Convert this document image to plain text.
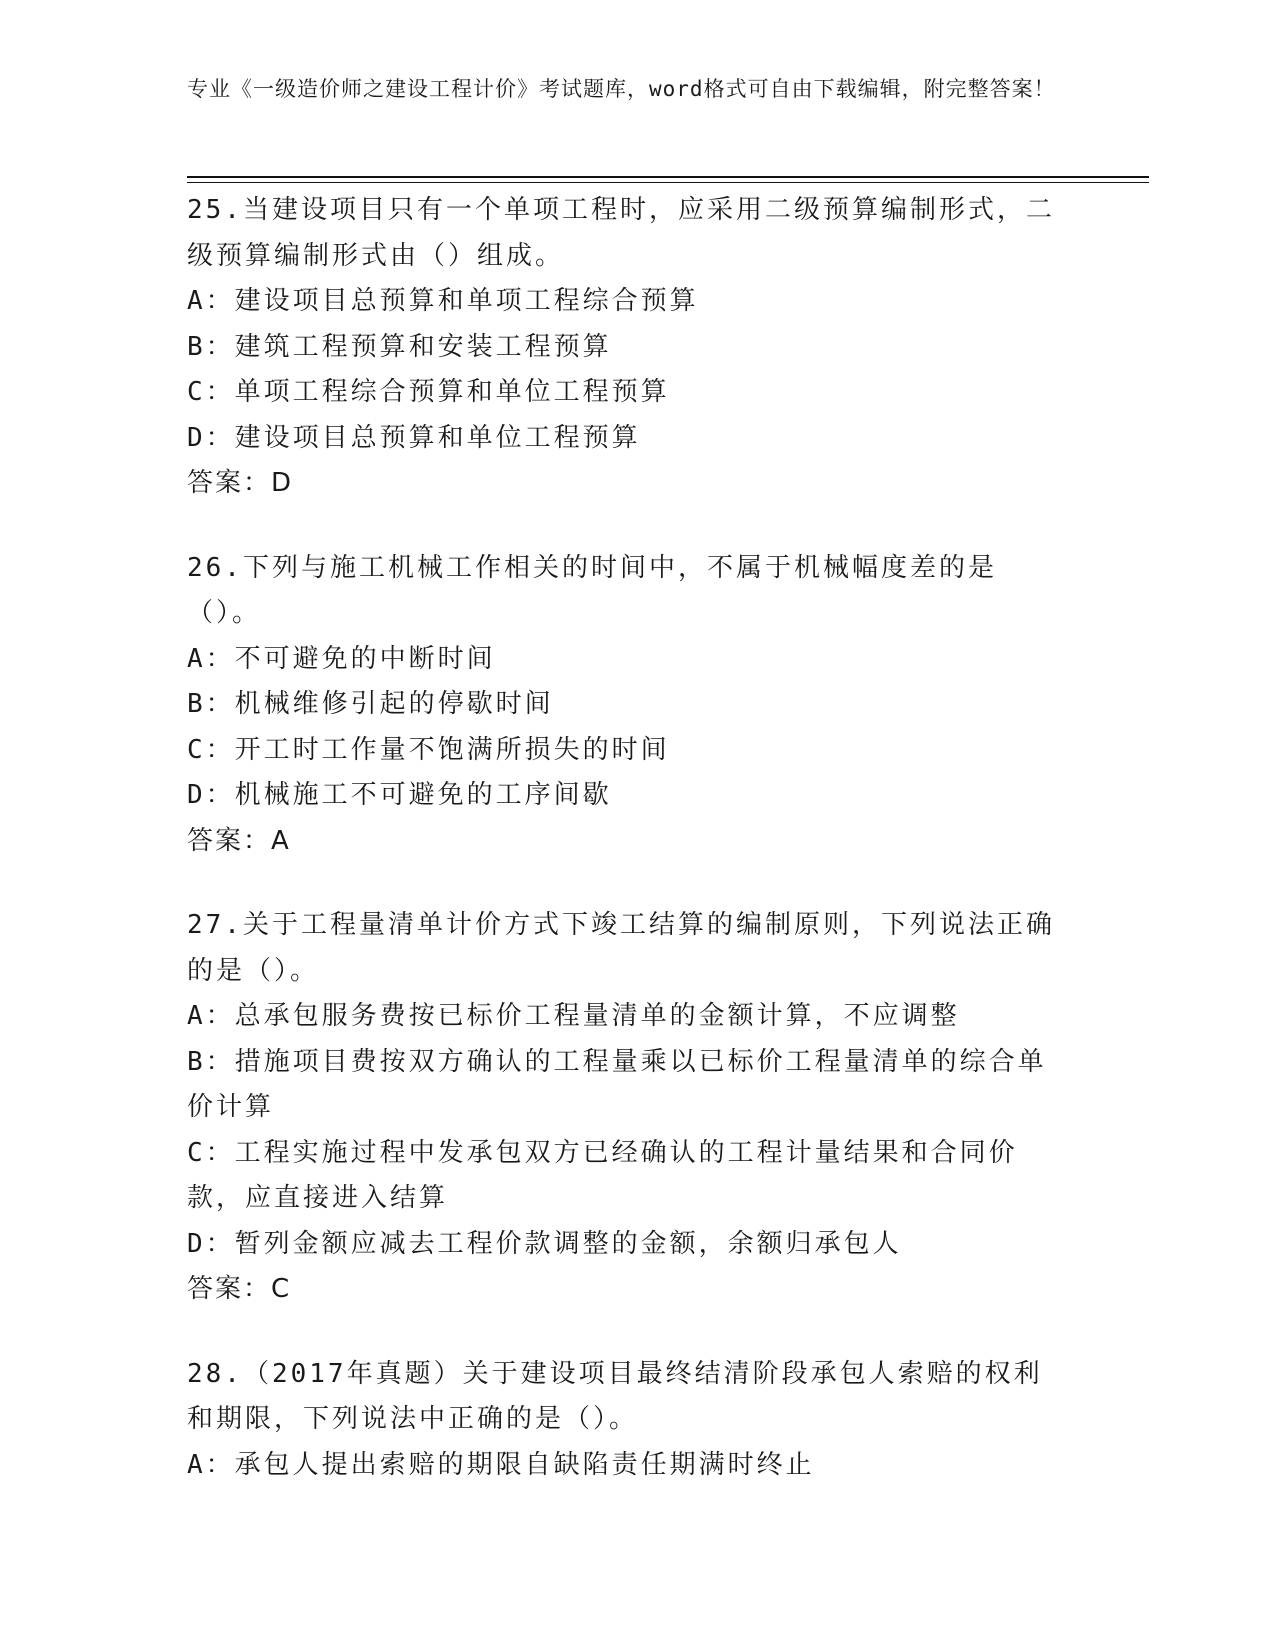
专业《一级造价师之建设工程计价》考试题库，word格式可自由下载编辑，附完整答案！
25.当建设项目只有一个单项工程时，应采用二级预算编制形式，二级预算编制形式由（）组成。
A：建设项目总预算和单项工程综合预算
B：建筑工程预算和安装工程预算
C：单项工程综合预算和单位工程预算
D：建设项目总预算和单位工程预算
答案：D
26.下列与施工机械工作相关的时间中，不属于机械幅度差的是（）。
A：不可避免的中断时间
B：机械维修引起的停歇时间
C：开工时工作量不饱满所损失的时间
D：机械施工不可避免的工序间歇
答案：A
27.关于工程量清单计价方式下竣工结算的编制原则，下列说法正确的是（）。
A：总承包服务费按已标价工程量清单的金额计算，不应调整
B：措施项目费按双方确认的工程量乘以已标价工程量清单的综合单价计算
C：工程实施过程中发承包双方已经确认的工程计量结果和合同价款，应直接进入结算
D：暂列金额应减去工程价款调整的金额，余额归承包人
答案：C
28.（2017年真题）关于建设项目最终结清阶段承包人索赔的权利和期限，下列说法中正确的是（）。
A：承包人提出索赔的期限自缺陷责任期满时终止
